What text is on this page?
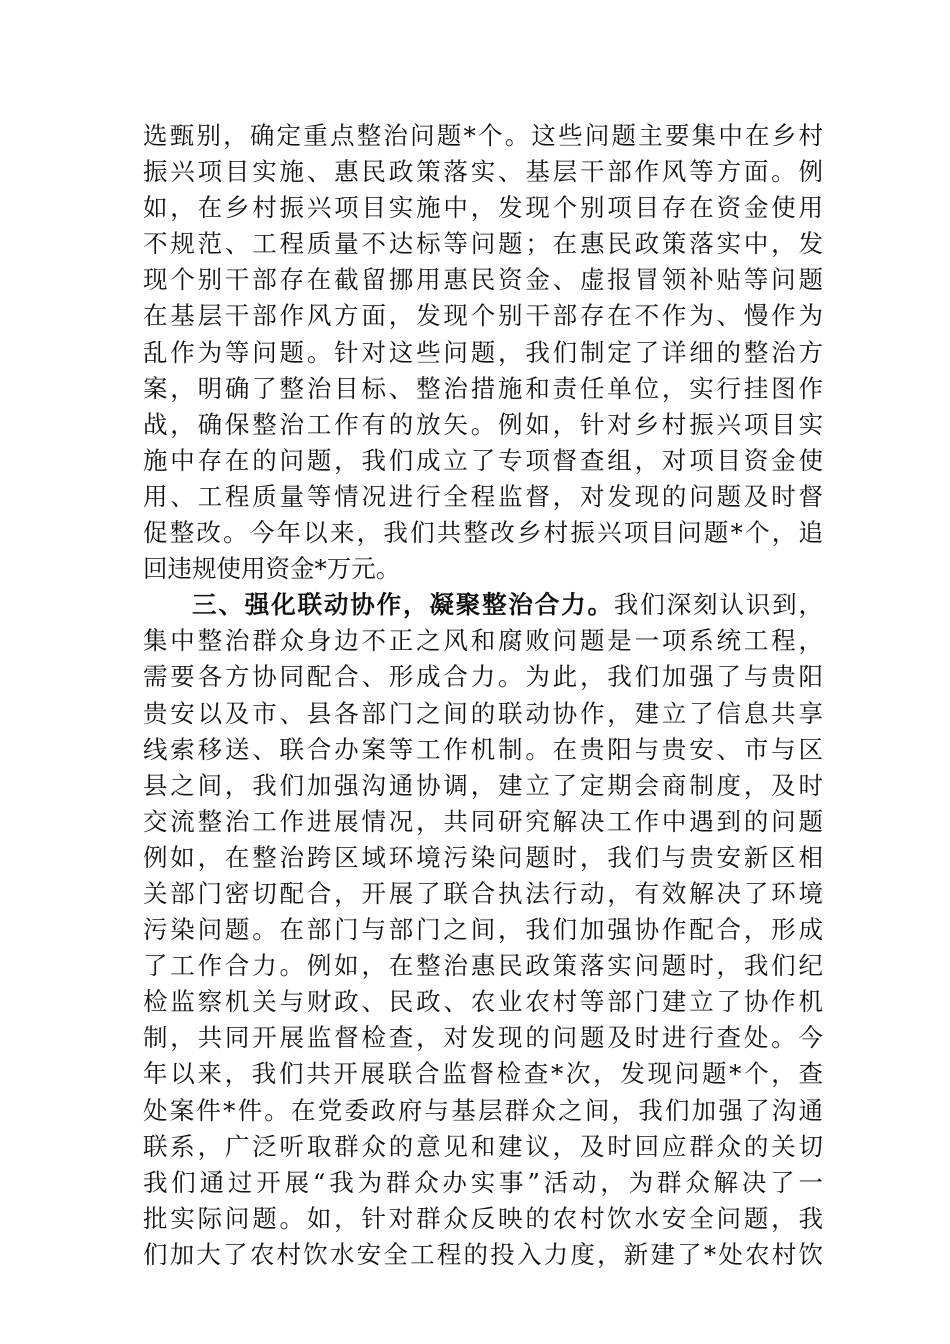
选甄别，确定重点整治问题*个。这些问题主要集中在乡村
振兴项目实施、惠民政策落实、基层干部作风等方面。例
如，在乡村振兴项目实施中，发现个别项目存在资金使用
不规范、工程质量不达标等问题；在惠民政策落实中，发
现个别干部存在截留挪用惠民资金、虚报冒领补贴等问题
在基层干部作风方面，发现个别干部存在不作为、慢作为
乱作为等问题。针对这些问题，我们制定了详细的整治方
案，明确了整治目标、整治措施和责任单位，实行挂图作
战，确保整治工作有的放矢。例如，针对乡村振兴项目实
施中存在的问题，我们成立了专项督查组，对项目资金使
用、工程质量等情况进行全程监督，对发现的问题及时督
促整改。今年以来，我们共整改乡村振兴项目问题*个，追
回违规使用资金*万元。
三、强化联动协作，凝聚整治合力。我们深刻认识到，
集中整治群众身边不正之风和腐败问题是一项系统工程，
需要各方协同配合、形成合力。为此，我们加强了与贵阳
贵安以及市、县各部门之间的联动协作，建立了信息共享
线索移送、联合办案等工作机制。在贵阳与贵安、市与区
县之间，我们加强沟通协调，建立了定期会商制度，及时
交流整治工作进展情况，共同研究解决工作中遇到的问题
例如，在整治跨区域环境污染问题时，我们与贵安新区相
关部门密切配合，开展了联合执法行动，有效解决了环境
污染问题。在部门与部门之间，我们加强协作配合，形成
了工作合力。例如，在整治惠民政策落实问题时，我们纪
检监察机关与财政、民政、农业农村等部门建立了协作机
制，共同开展监督检查，对发现的问题及时进行查处。今
年以来，我们共开展联合监督检查*次，发现问题*个，查
处案件*件。在党委政府与基层群众之间，我们加强了沟通
联系，广泛听取群众的意见和建议，及时回应群众的关切
我们通过开展“我为群众办实事”活动，为群众解决了一
批实际问题。如，针对群众反映的农村饮水安全问题，我
们加大了农村饮水安全工程的投入力度，新建了*处农村饮
